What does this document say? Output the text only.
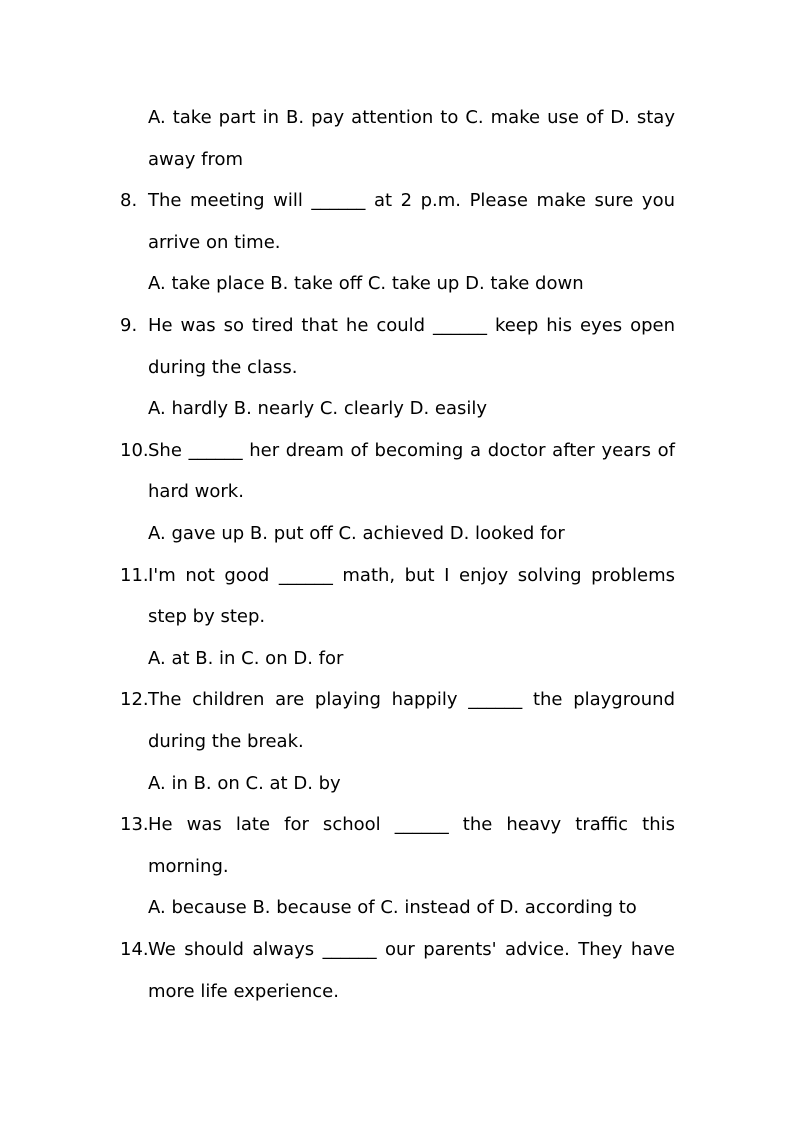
A. take part in B. pay attention to C. make use of D. stay
away from
8. The meeting will ______ at 2 p.m. Please make sure you
arrive on time.
A. take place B. take off C. take up D. take down
9. He was so tired that he could ______ keep his eyes open
during the class.
A. hardly B. nearly C. clearly D. easily
10. She ______ her dream of becoming a doctor after years of
hard work.
A. gave up B. put off C. achieved D. looked for
11. I'm not good ______ math, but I enjoy solving problems
step by step.
A. at B. in C. on D. for
12. The children are playing happily ______ the playground
during the break.
A. in B. on C. at D. by
13. He was late for school ______ the heavy traffic this
morning.
A. because B. because of C. instead of D. according to
14. We should always ______ our parents' advice. They have
more life experience.
